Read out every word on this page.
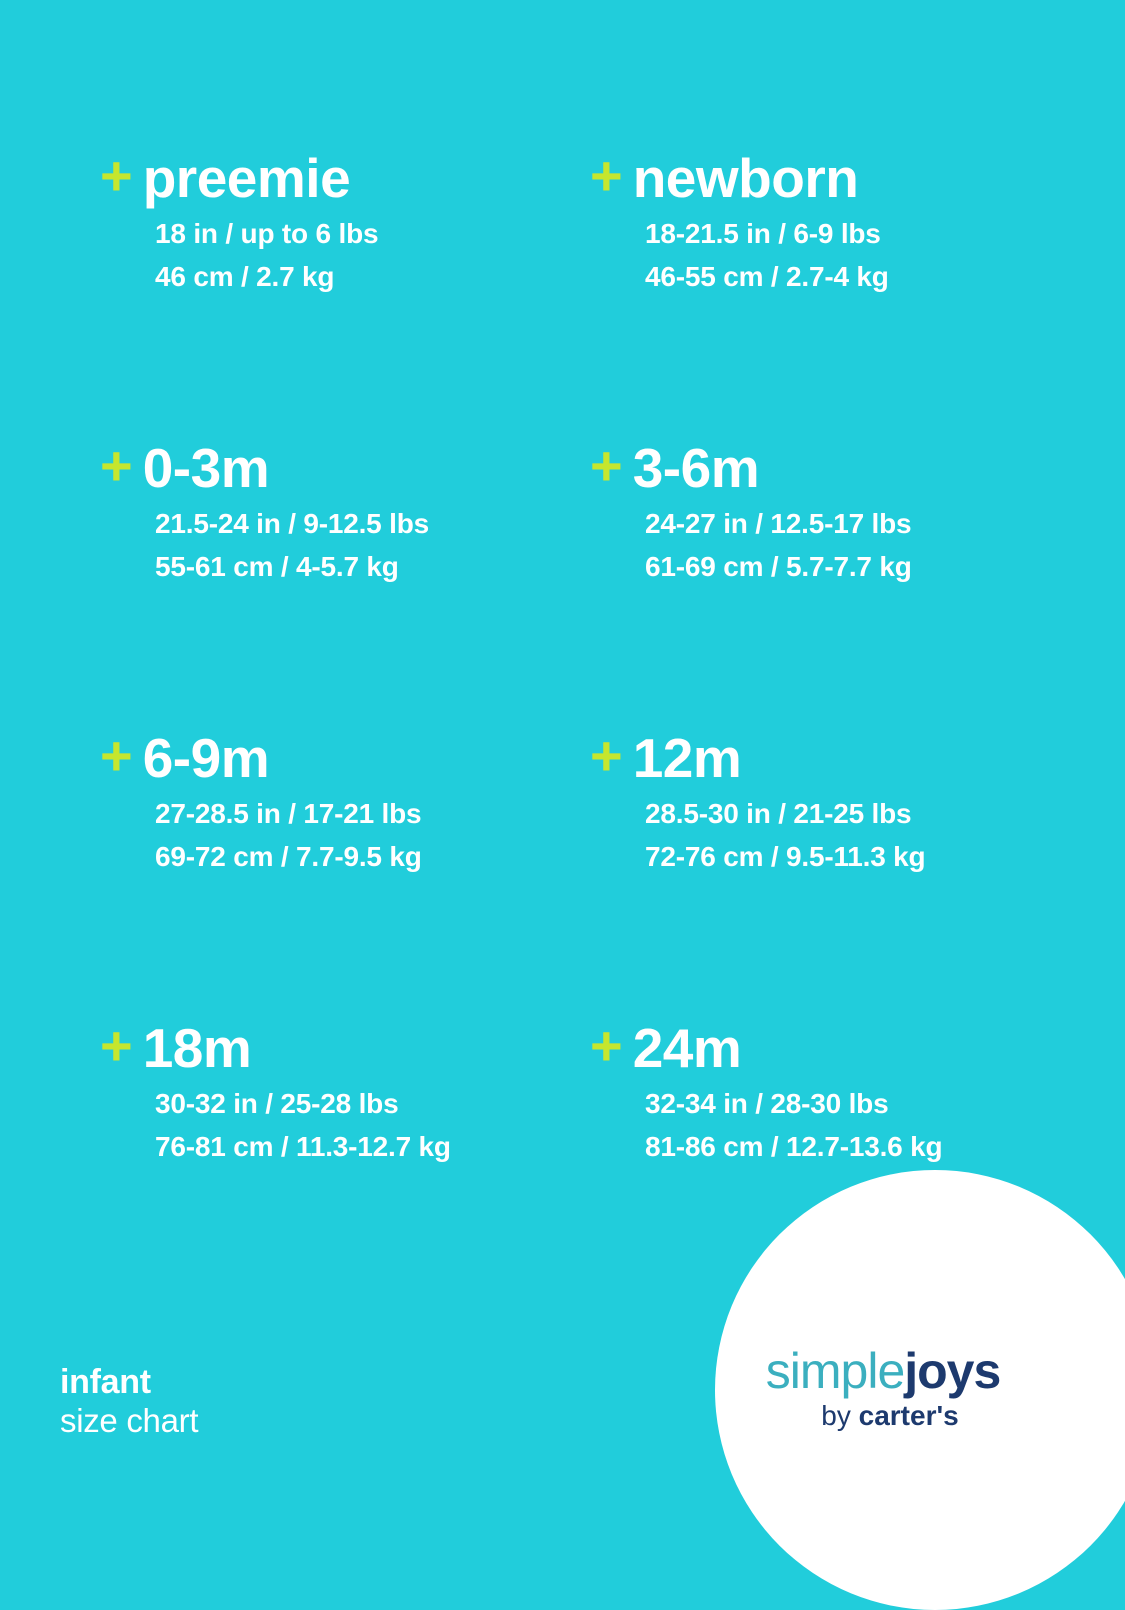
+ preemie
18 in / up to 6 lbs
46 cm / 2.7 kg
+ newborn
18-21.5 in / 6-9 lbs
46-55 cm / 2.7-4 kg
+ 0-3m
21.5-24 in / 9-12.5 lbs
55-61 cm / 4-5.7 kg
+ 3-6m
24-27 in / 12.5-17 lbs
61-69 cm / 5.7-7.7 kg
+ 6-9m
27-28.5 in / 17-21 lbs
69-72 cm / 7.7-9.5 kg
+ 12m
28.5-30 in / 21-25 lbs
72-76 cm / 9.5-11.3 kg
+ 18m
30-32 in / 25-28 lbs
76-81 cm / 11.3-12.7 kg
+ 24m
32-34 in / 28-30 lbs
81-86 cm / 12.7-13.6 kg
infant
size chart
simplejoys
by carter's
